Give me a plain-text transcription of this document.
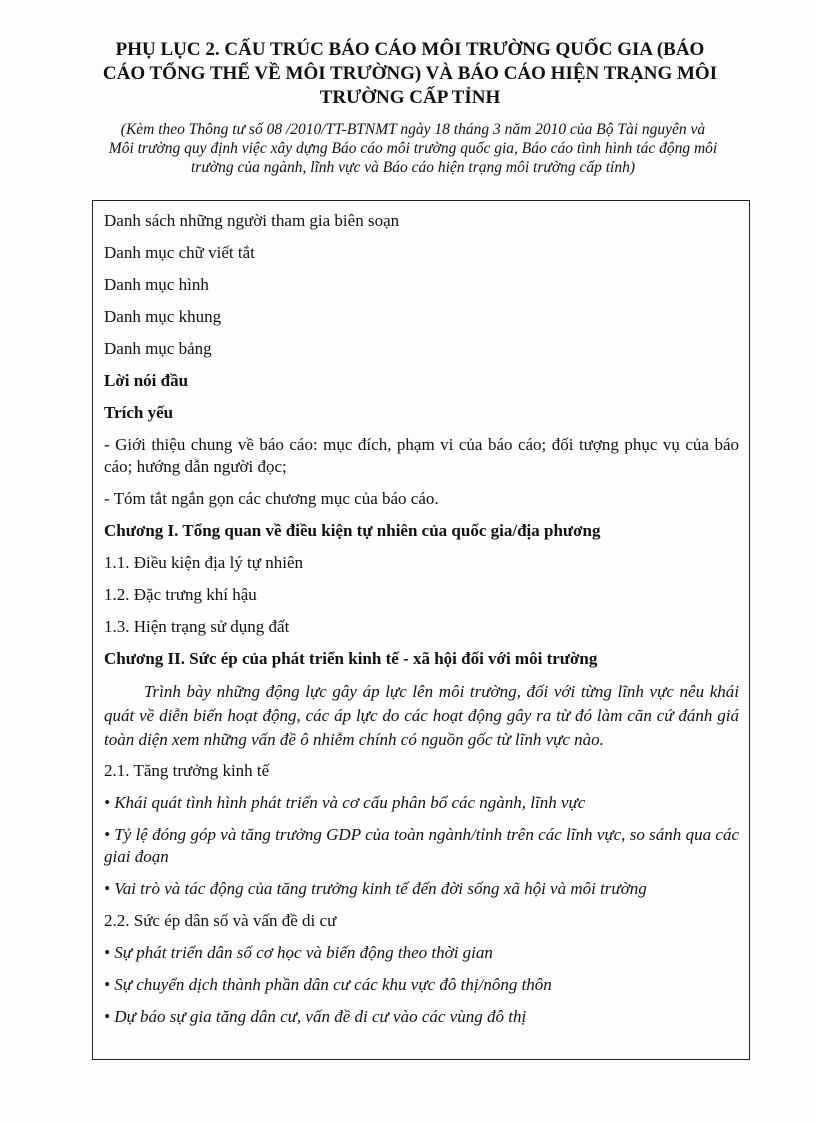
PHỤ LỤC 2. CẤU TRÚC BÁO CÁO MÔI TRƯỜNG QUỐC GIA (BÁO CÁO TỔNG THỂ VỀ MÔI TRƯỜNG) VÀ BÁO CÁO HIỆN TRẠNG MÔI TRƯỜNG CẤP TỈNH

(Kèm theo Thông tư số 08 /2010/TT-BTNMT ngày 18 tháng 3 năm 2010 của Bộ Tài nguyên và Môi trường quy định việc xây dựng Báo cáo môi trường quốc gia, Báo cáo tình hình tác động môi trường của ngành, lĩnh vực và Báo cáo hiện trạng môi trường cấp tỉnh)

Danh sách những người tham gia biên soạn

Danh mục chữ viết tắt

Danh mục hình

Danh mục khung

Danh mục bảng

Lời nói đầu

Trích yếu

- Giới thiệu chung về báo cáo: mục đích, phạm vi của báo cáo; đối tượng phục vụ của báo cáo; hướng dẫn người đọc;

- Tóm tắt ngắn gọn các chương mục của báo cáo.

Chương I. Tổng quan về điều kiện tự nhiên của quốc gia/địa phương

1.1. Điều kiện địa lý tự nhiên

1.2. Đặc trưng khí hậu

1.3. Hiện trạng sử dụng đất

Chương II. Sức ép của phát triển kinh tế - xã hội đối với môi trường

Trình bày những động lực gây áp lực lên môi trường, đối với từng lĩnh vực nêu khái quát về diễn biến hoạt động, các áp lực do các hoạt động gây ra từ đó làm căn cứ đánh giá toàn diện xem những vấn đề ô nhiễm chính có nguồn gốc từ lĩnh vực nào.

2.1. Tăng trưởng kinh tế

• Khái quát tình hình phát triển và cơ cấu phân bổ các ngành, lĩnh vực

• Tỷ lệ đóng góp và tăng trưởng GDP của toàn ngành/tỉnh trên các lĩnh vực, so sánh qua các giai đoạn

• Vai trò và tác động của tăng trưởng kinh tế đến đời sống xã hội và môi trường

2.2. Sức ép dân số và vấn đề di cư

• Sự phát triển dân số cơ học và biến động theo thời gian

• Sự chuyển dịch thành phần dân cư các khu vực đô thị/nông thôn

• Dự báo sự gia tăng dân cư, vấn đề di cư vào các vùng đô thị
